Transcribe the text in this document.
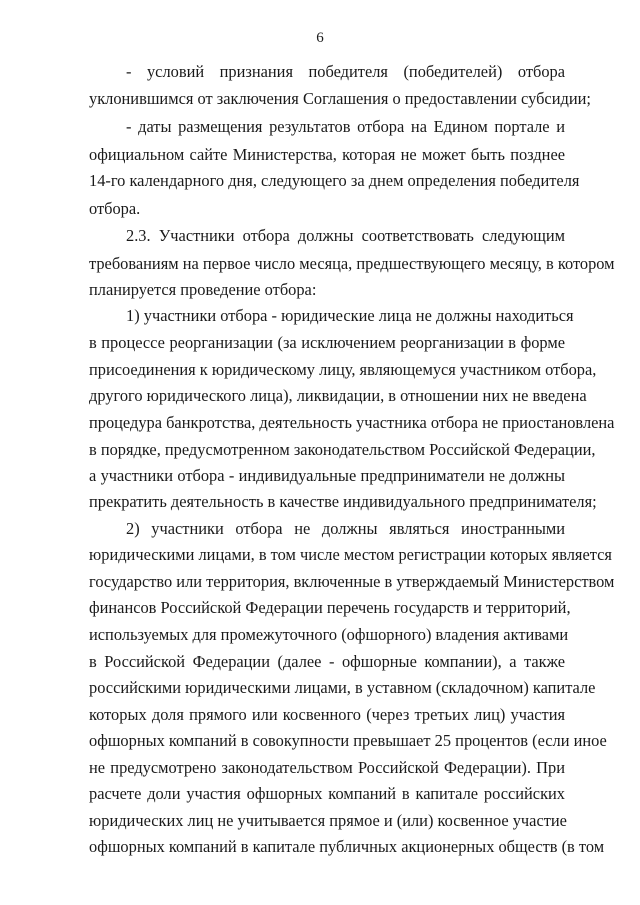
6
- условий признания победителя (победителей) отбора
уклонившимся от заключения Соглашения о предоставлении субсидии;
- даты размещения результатов отбора на Едином портале и
официальном сайте Министерства, которая не может быть позднее
14-го календарного дня, следующего за днем определения победителя
отбора.
2.3. Участники отбора должны соответствовать следующим
требованиям на первое число месяца, предшествующего месяцу, в котором
планируется проведение отбора:
1) участники отбора - юридические лица не должны находиться
в процессе реорганизации (за исключением реорганизации в форме
присоединения к юридическому лицу, являющемуся участником отбора,
другого юридического лица), ликвидации, в отношении них не введена
процедура банкротства, деятельность участника отбора не приостановлена
в порядке, предусмотренном законодательством Российской Федерации,
а участники отбора - индивидуальные предприниматели не должны
прекратить деятельность в качестве индивидуального предпринимателя;
2) участники отбора не должны являться иностранными
юридическими лицами, в том числе местом регистрации которых является
государство или территория, включенные в утверждаемый Министерством
финансов Российской Федерации перечень государств и территорий,
используемых для промежуточного (офшорного) владения активами
в Российской Федерации (далее - офшорные компании), а также
российскими юридическими лицами, в уставном (складочном) капитале
которых доля прямого или косвенного (через третьих лиц) участия
офшорных компаний в совокупности превышает 25 процентов (если иное
не предусмотрено законодательством Российской Федерации). При
расчете доли участия офшорных компаний в капитале российских
юридических лиц не учитывается прямое и (или) косвенное участие
офшорных компаний в капитале публичных акционерных обществ (в том
